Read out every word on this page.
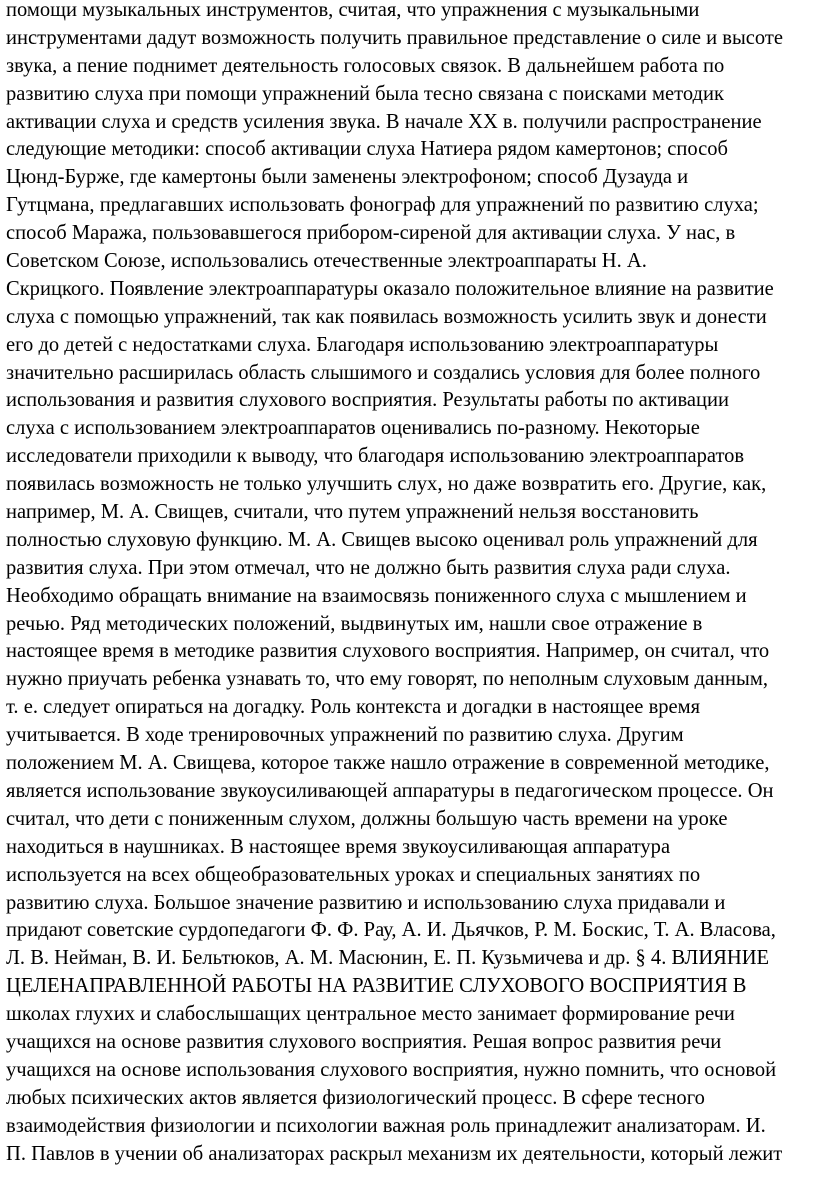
помощи музыкальных инструментов, считая, что упражнения с музыкальными
инструментами дадут возможность получить правильное представление о силе и высоте
звука, а пение поднимет деятельность голосовых связок. В дальнейшем работа по
развитию слуха при помощи упражнений была тесно связана с поисками методик
активации слуха и средств усиления звука. В начале XX в. получили распространение
следующие методики: способ активации слуха Натиера рядом камертонов; способ
Цюнд-Бурже, где камертоны были заменены электрофоном; способ Дузауда и
Гутцмана, предлагавших использовать фонограф для упражнений по развитию слуха;
способ Маража, пользовавшегося прибором-сиреной для активации слуха. У нас, в
Советском Союзе, использовались отечественные электроаппараты Н. А.
Скрицкого. Появление электроаппаратуры оказало положительное влияние на развитие
слуха с помощью упражнений, так как появилась возможность усилить звук и донести
его до детей с недостатками слуха. Благодаря использованию электроаппаратуры
значительно расширилась область слышимого и создались условия для более полного
использования и развития слухового восприятия. Результаты работы по активации
слуха с использованием электроаппаратов оценивались по-разному. Некоторые
исследователи приходили к выводу, что благодаря использованию электроаппаратов
появилась возможность не только улучшить слух, но даже возвратить его. Другие, как,
например, М. А. Свищев, считали, что путем упражнений нельзя восстановить
полностью слуховую функцию. М. А. Свищев высоко оценивал роль упражнений для
развития слуха. При этом отмечал, что не должно быть развития слуха ради слуха.
Необходимо обращать внимание на взаимосвязь пониженного слуха с мышлением и
речью. Ряд методических положений, выдвинутых им, нашли свое отражение в
настоящее время в методике развития слухового восприятия. Например, он считал, что
нужно приучать ребенка узнавать то, что ему говорят, по неполным слуховым данным,
т. е. следует опираться на догадку. Роль контекста и догадки в настоящее время
учитывается. В ходе тренировочных упражнений по развитию слуха. Другим
положением М. А. Свищева, которое также нашло отражение в современной методике,
является использование звукоусиливающей аппаратуры в педагогическом процессе. Он
считал, что дети с пониженным слухом, должны большую часть времени на уроке
находиться в наушниках. В настоящее время звукоусиливающая аппаратура
используется на всех общеобразовательных уроках и специальных занятиях по
развитию слуха. Большое значение развитию и использованию слуха придавали и
придают советские сурдопедагоги Ф. Ф. Рау, А. И. Дьячков, Р. М. Боскис, Т. А. Власова,
Л. В. Нейман, В. И. Бельтюков, А. М. Масюнин, Е. П. Кузьмичева и др. § 4. ВЛИЯНИЕ
ЦЕЛЕНАПРАВЛЕННОЙ РАБОТЫ НА РАЗВИТИЕ СЛУХОВОГО ВОСПРИЯТИЯ В
школах глухих и слабослышащих центральное место занимает формирование речи
учащихся на основе развития слухового восприятия. Решая вопрос развития речи
учащихся на основе использования слухового восприятия, нужно помнить, что основой
любых психических актов является физиологический процесс. В сфере тесного
взаимодействия физиологии и психологии важная роль принадлежит анализаторам. И.
П. Павлов в учении об анализаторах раскрыл механизм их деятельности, который лежит
